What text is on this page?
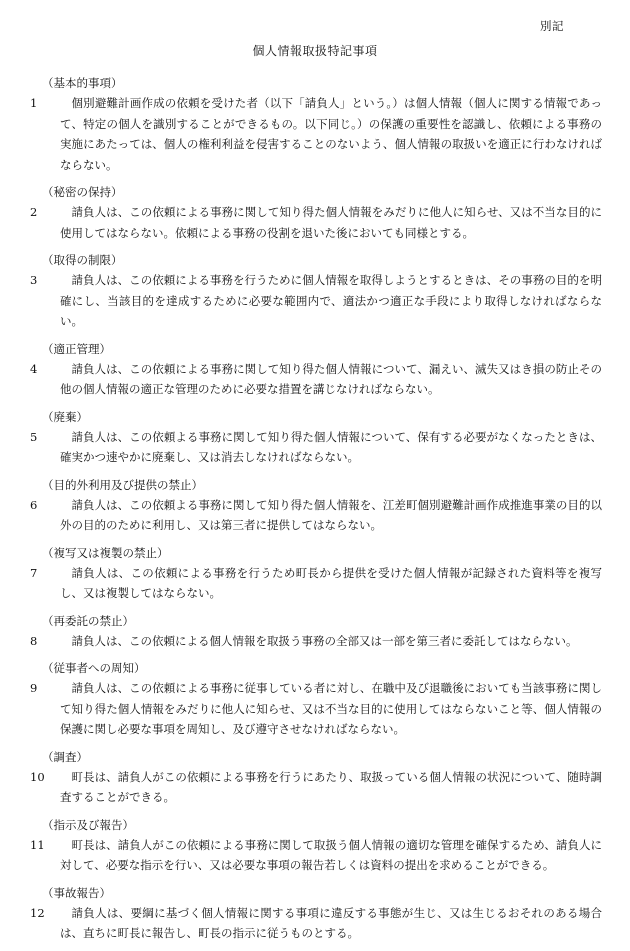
別記
個人情報取扱特記事項
（基本的事項）
1	個別避難計画作成の依頼を受けた者（以下「請負人」という。）は個人情報（個人に関する情報であって、特定の個人を識別することができるもの。以下同じ。）の保護の重要性を認識し、依頼による事務の実施にあたっては、個人の権利利益を侵害することのないよう、個人情報の取扱いを適正に行わなければならない。
（秘密の保持）
2	請負人は、この依頼による事務に関して知り得た個人情報をみだりに他人に知らせ、又は不当な目的に使用してはならない。依頼による事務の役割を退いた後においても同様とする。
（取得の制限）
3	請負人は、この依頼による事務を行うために個人情報を取得しようとするときは、その事務の目的を明確にし、当該目的を達成するために必要な範囲内で、適法かつ適正な手段により取得しなければならない。
（適正管理）
4	請負人は、この依頼による事務に関して知り得た個人情報について、漏えい、滅失又はき損の防止その他の個人情報の適正な管理のために必要な措置を講じなければならない。
（廃棄）
5	請負人は、この依頼よる事務に関して知り得た個人情報について、保有する必要がなくなったときは、確実かつ速やかに廃棄し、又は消去しなければならない。
（目的外利用及び提供の禁止）
6	請負人は、この依頼よる事務に関して知り得た個人情報を、江差町個別避難計画作成推進事業の目的以外の目的のために利用し、又は第三者に提供してはならない。
（複写又は複製の禁止）
7	請負人は、この依頼による事務を行うため町長から提供を受けた個人情報が記録された資料等を複写し、又は複製してはならない。
（再委託の禁止）
8	請負人は、この依頼による個人情報を取扱う事務の全部又は一部を第三者に委託してはならない。
（従事者への周知）
9	請負人は、この依頼による事務に従事している者に対し、在職中及び退職後においても当該事務に関して知り得た個人情報をみだりに他人に知らせ、又は不当な目的に使用してはならないこと等、個人情報の保護に関し必要な事項を周知し、及び遵守させなければならない。
（調査）
10	町長は、請負人がこの依頼による事務を行うにあたり、取扱っている個人情報の状況について、随時調査することができる。
（指示及び報告）
11	町長は、請負人がこの依頼による事務に関して取扱う個人情報の適切な管理を確保するため、請負人に対して、必要な指示を行い、又は必要な事項の報告若しくは資料の提出を求めることができる。
（事故報告）
12	請負人は、要綱に基づく個人情報に関する事項に違反する事態が生じ、又は生じるおそれのある場合は、直ちに町長に報告し、町長の指示に従うものとする。
